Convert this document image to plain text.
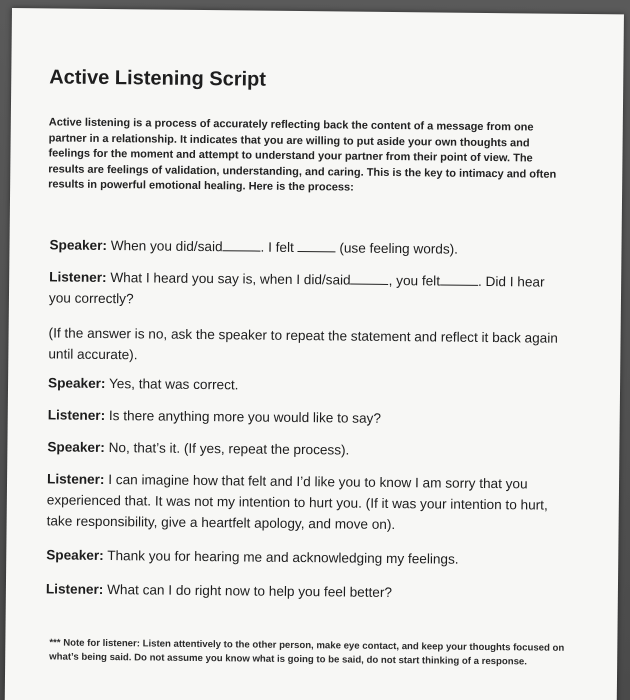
Active Listening Script

Active listening is a process of accurately reflecting back the content of a message from one partner in a relationship. It indicates that you are willing to put aside your own thoughts and feelings for the moment and attempt to understand your partner from their point of view. The results are feelings of validation, understanding, and caring. This is the key to intimacy and often results in powerful emotional healing. Here is the process:

Speaker: When you did/said	. I felt	(use feeling words).

Listener: What I heard you say is, when I did/said	, you felt	. Did I hear you correctly?

(If the answer is no, ask the speaker to repeat the statement and reflect it back again until accurate).

Speaker: Yes, that was correct.

Listener: Is there anything more you would like to say?

Speaker: No, that’s it. (If yes, repeat the process).

Listener: I can imagine how that felt and I’d like you to know I am sorry that you experienced that. It was not my intention to hurt you. (If it was your intention to hurt, take responsibility, give a heartfelt apology, and move on).

Speaker: Thank you for hearing me and acknowledging my feelings.

Listener: What can I do right now to help you feel better?

*** Note for listener: Listen attentively to the other person, make eye contact, and keep your thoughts focused on what’s being said. Do not assume you know what is going to be said, do not start thinking of a response.
